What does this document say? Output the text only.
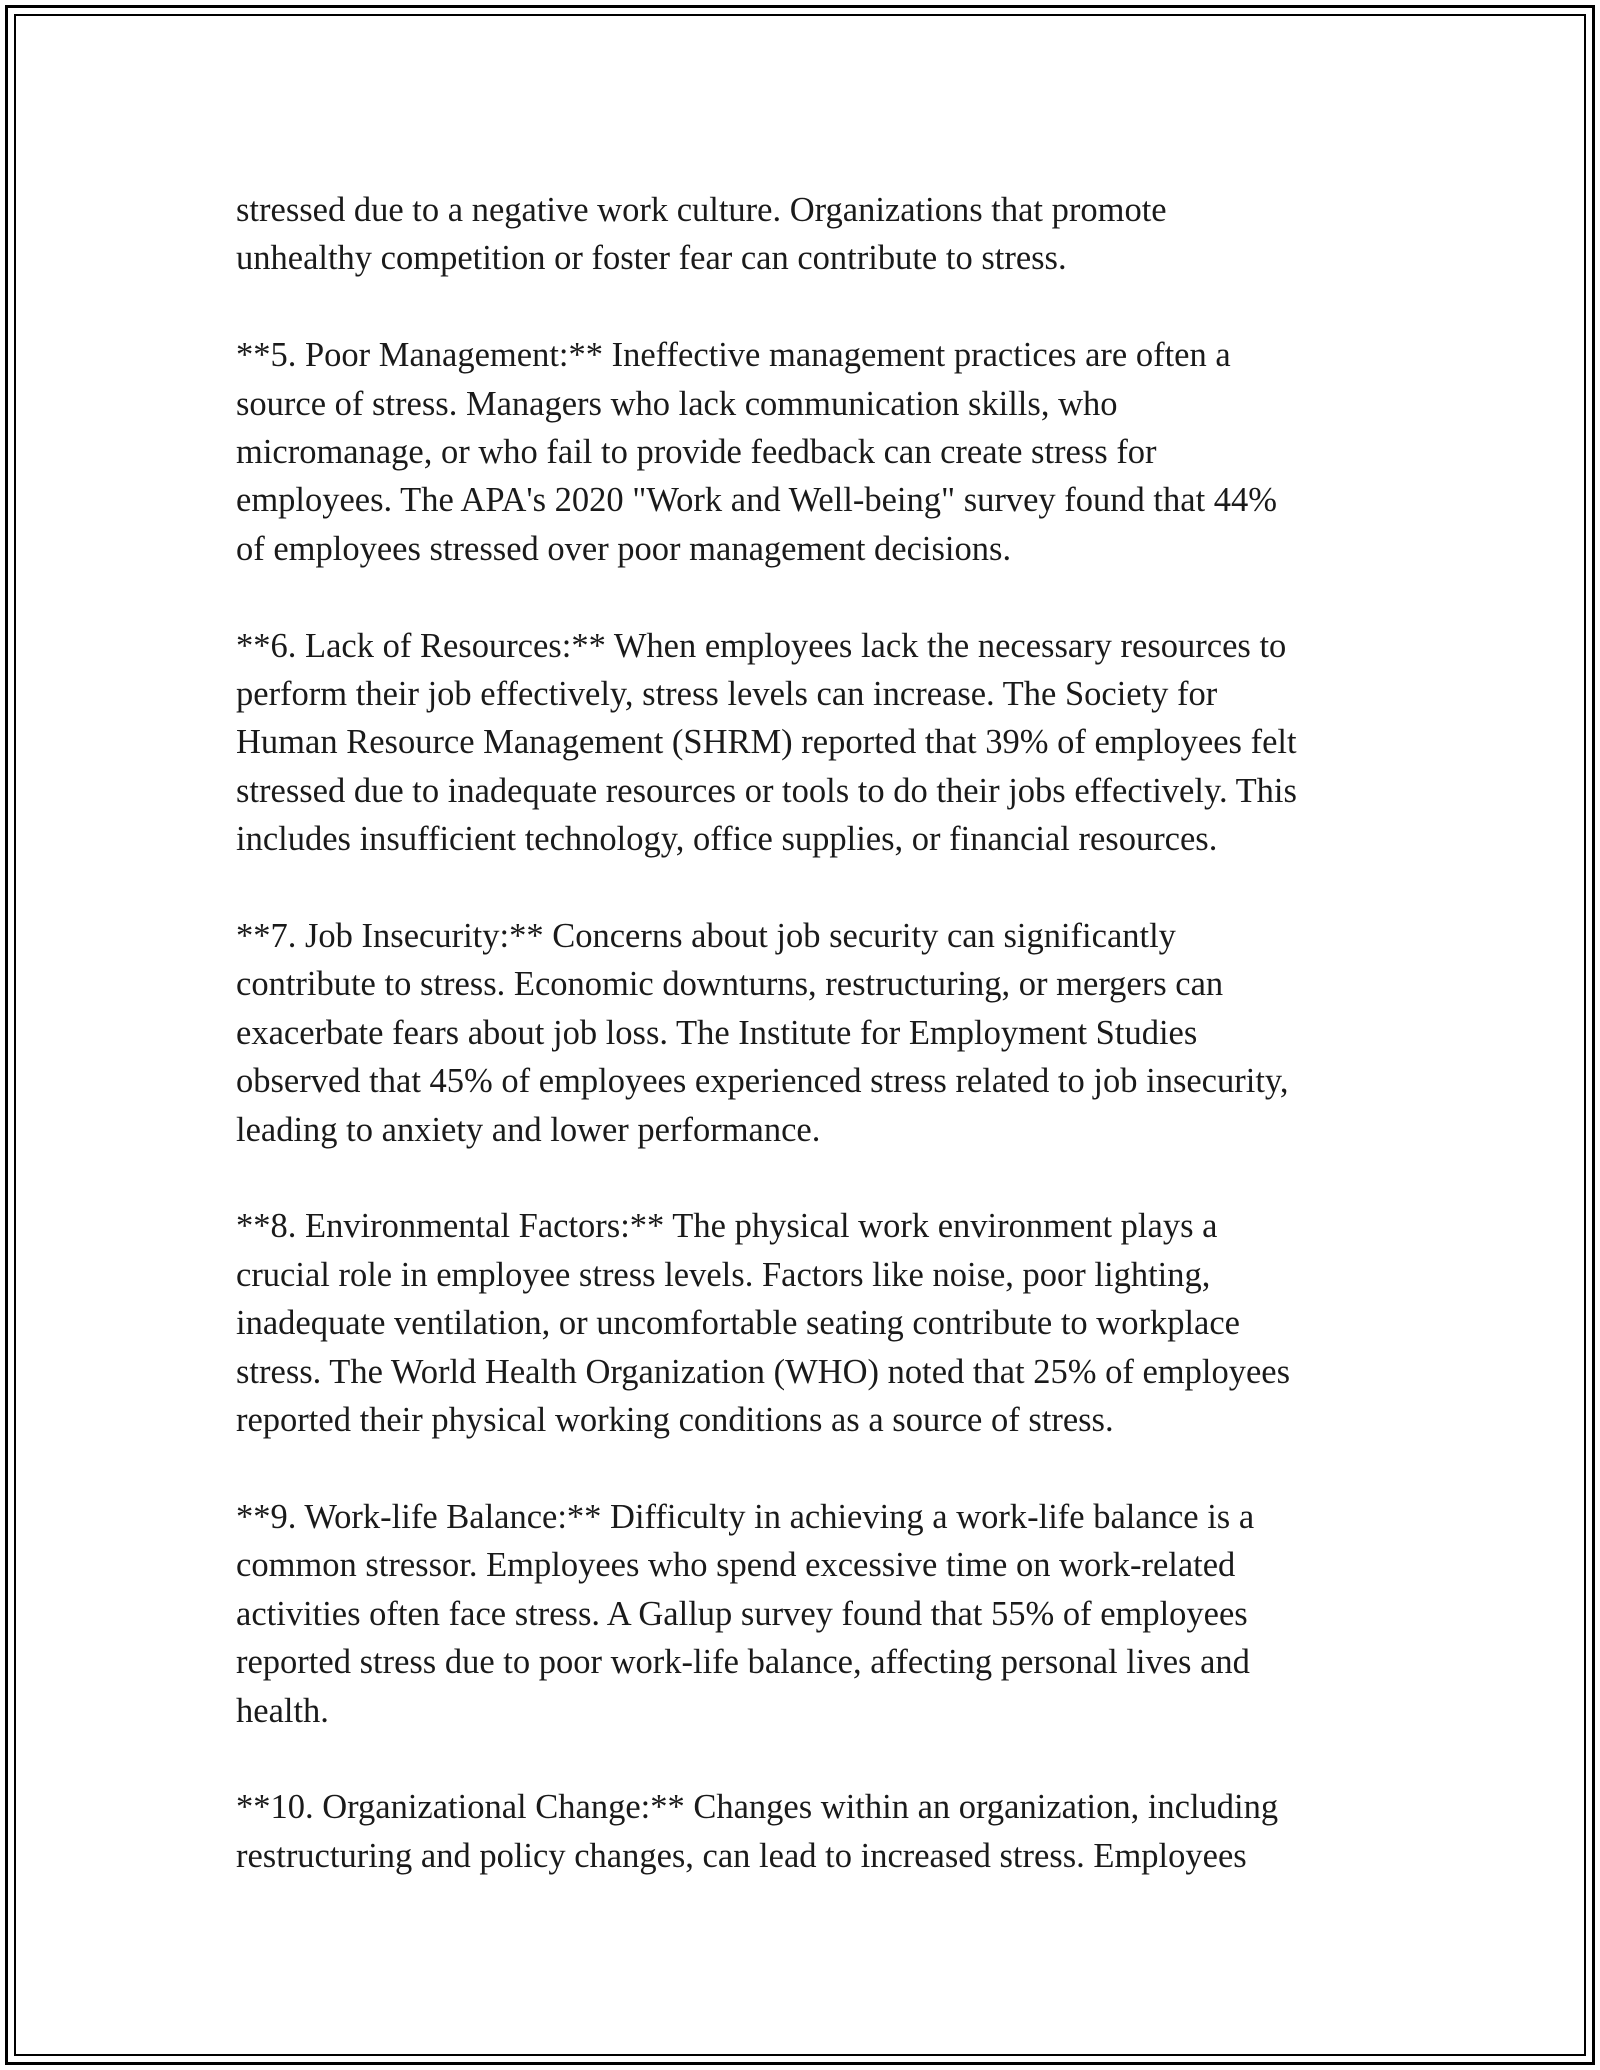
stressed due to a negative work culture. Organizations that promote
unhealthy competition or foster fear can contribute to stress.

**5. Poor Management:** Ineffective management practices are often a
source of stress. Managers who lack communication skills, who
micromanage, or who fail to provide feedback can create stress for
employees. The APA's 2020 "Work and Well-being" survey found that 44%
of employees stressed over poor management decisions.

**6. Lack of Resources:** When employees lack the necessary resources to
perform their job effectively, stress levels can increase. The Society for
Human Resource Management (SHRM) reported that 39% of employees felt
stressed due to inadequate resources or tools to do their jobs effectively. This
includes insufficient technology, office supplies, or financial resources.

**7. Job Insecurity:** Concerns about job security can significantly
contribute to stress. Economic downturns, restructuring, or mergers can
exacerbate fears about job loss. The Institute for Employment Studies
observed that 45% of employees experienced stress related to job insecurity,
leading to anxiety and lower performance.

**8. Environmental Factors:** The physical work environment plays a
crucial role in employee stress levels. Factors like noise, poor lighting,
inadequate ventilation, or uncomfortable seating contribute to workplace
stress. The World Health Organization (WHO) noted that 25% of employees
reported their physical working conditions as a source of stress.

**9. Work-life Balance:** Difficulty in achieving a work-life balance is a
common stressor. Employees who spend excessive time on work-related
activities often face stress. A Gallup survey found that 55% of employees
reported stress due to poor work-life balance, affecting personal lives and
health.

**10. Organizational Change:** Changes within an organization, including
restructuring and policy changes, can lead to increased stress. Employees
